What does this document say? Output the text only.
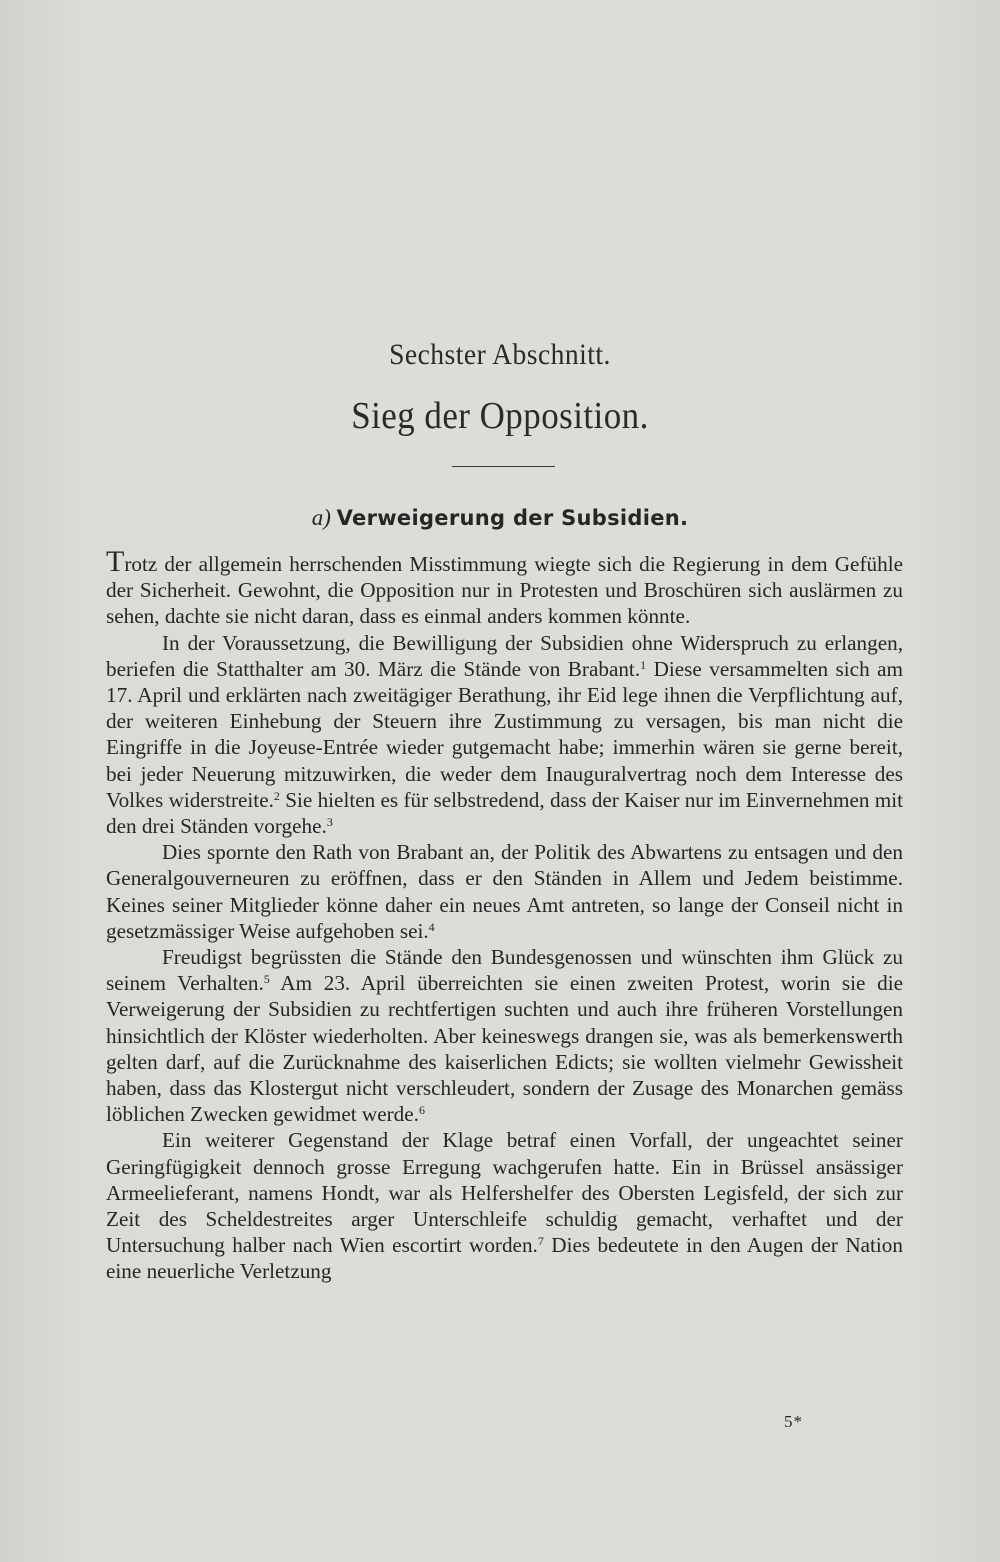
Sechster Abschnitt.
Sieg der Opposition.
a) Verweigerung der Subsidien.

Trotz der allgemein herrschenden Misstimmung wiegte sich die Regierung in dem Gefühle der Sicherheit. Gewohnt, die Opposition nur in Protesten und Broschüren sich auslärmen zu sehen, dachte sie nicht daran, dass es einmal anders kommen könnte.

In der Voraussetzung, die Bewilligung der Subsidien ohne Widerspruch zu erlangen, beriefen die Statthalter am 30. März die Stände von Brabant.$^1$ Diese versammelten sich am 17. April und erklärten nach zweitägiger Berathung, ihr Eid lege ihnen die Verpflichtung auf, der weiteren Einhebung der Steuern ihre Zustimmung zu versagen, bis man nicht die Eingriffe in die Joyeuse-Entrée wieder gutgemacht habe; immerhin wären sie gerne bereit, bei jeder Neuerung mitzuwirken, die weder dem Inauguralvertrag noch dem Interesse des Volkes widerstreite.$^2$ Sie hielten es für selbstredend, dass der Kaiser nur im Einvernehmen mit den drei Ständen vorgehe.$^3$

Dies spornte den Rath von Brabant an, der Politik des Abwartens zu entsagen und den Generalgouverneuren zu eröffnen, dass er den Ständen in Allem und Jedem beistimme. Keines seiner Mitglieder könne daher ein neues Amt antreten, so lange der Conseil nicht in gesetzmässiger Weise aufgehoben sei.$^4$

Freudigst begrüssten die Stände den Bundesgenossen und wünschten ihm Glück zu seinem Verhalten.$^5$ Am 23. April überreichten sie einen zweiten Protest, worin sie die Verweigerung der Subsidien zu rechtfertigen suchten und auch ihre früheren Vorstellungen hinsichtlich der Klöster wiederholten. Aber keineswegs drangen sie, was als bemerkenswerth gelten darf, auf die Zurücknahme des kaiserlichen Edicts; sie wollten vielmehr Gewissheit haben, dass das Klostergut nicht verschleudert, sondern der Zusage des Monarchen gemäss löblichen Zwecken gewidmet werde.$^6$

Ein weiterer Gegenstand der Klage betraf einen Vorfall, der ungeachtet seiner Geringfügigkeit dennoch grosse Erregung wachgerufen hatte. Ein in Brüssel ansässiger Armeelieferant, namens Hondt, war als Helfershelfer des Obersten Legisfeld, der sich zur Zeit des Scheldestreites arger Unterschleife schuldig gemacht, verhaftet und der Untersuchung halber nach Wien escortirt worden.$^7$ Dies bedeutete in den Augen der Nation eine neuerliche Verletzung

5*
